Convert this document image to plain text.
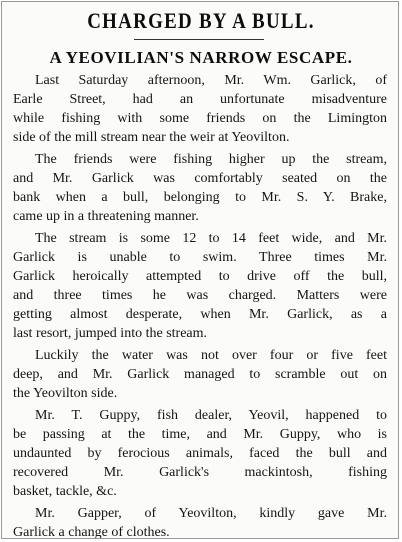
CHARGED BY A BULL.
A YEOVILIAN'S NARROW ESCAPE.
Last Saturday afternoon, Mr. Wm. Garlick, of
Earle Street, had an unfortunate misadventure
while fishing with some friends on the Limington
side of the mill stream near the weir at Yeovilton.
The friends were fishing higher up the stream,
and Mr. Garlick was comfortably seated on the
bank when a bull, belonging to Mr. S. Y. Brake,
came up in a threatening manner.
The stream is some 12 to 14 feet wide, and Mr.
Garlick is unable to swim. Three times Mr.
Garlick heroically attempted to drive off the bull,
and three times he was charged. Matters were
getting almost desperate, when Mr. Garlick, as a
last resort, jumped into the stream.
Luckily the water was not over four or five feet
deep, and Mr. Garlick managed to scramble out on
the Yeovilton side.
Mr. T. Guppy, fish dealer, Yeovil, happened to
be passing at the time, and Mr. Guppy, who is
undaunted by ferocious animals, faced the bull and
recovered Mr. Garlick's mackintosh, fishing
basket, tackle, &c.
Mr. Gapper, of Yeovilton, kindly gave Mr.
Garlick a change of clothes.
